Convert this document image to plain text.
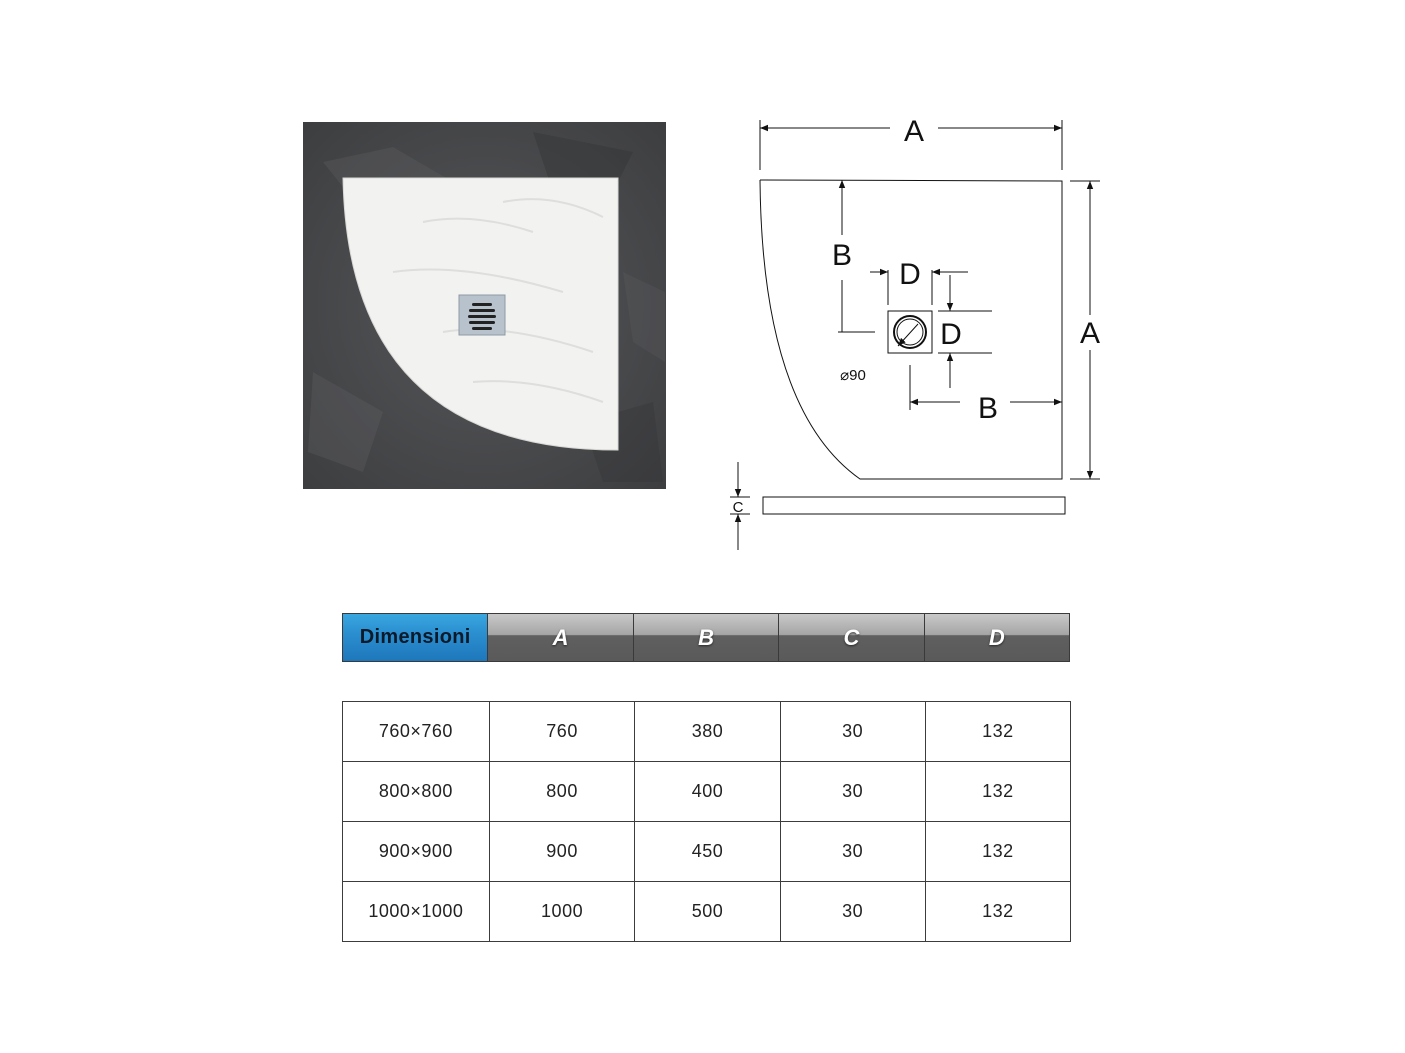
A
A
B
B
D
D
C
⌀90
Dimensioni	A	B	C	D
760×760	760	380	30	132
800×800	800	400	30	132
900×900	900	450	30	132
1000×1000	1000	500	30	132
